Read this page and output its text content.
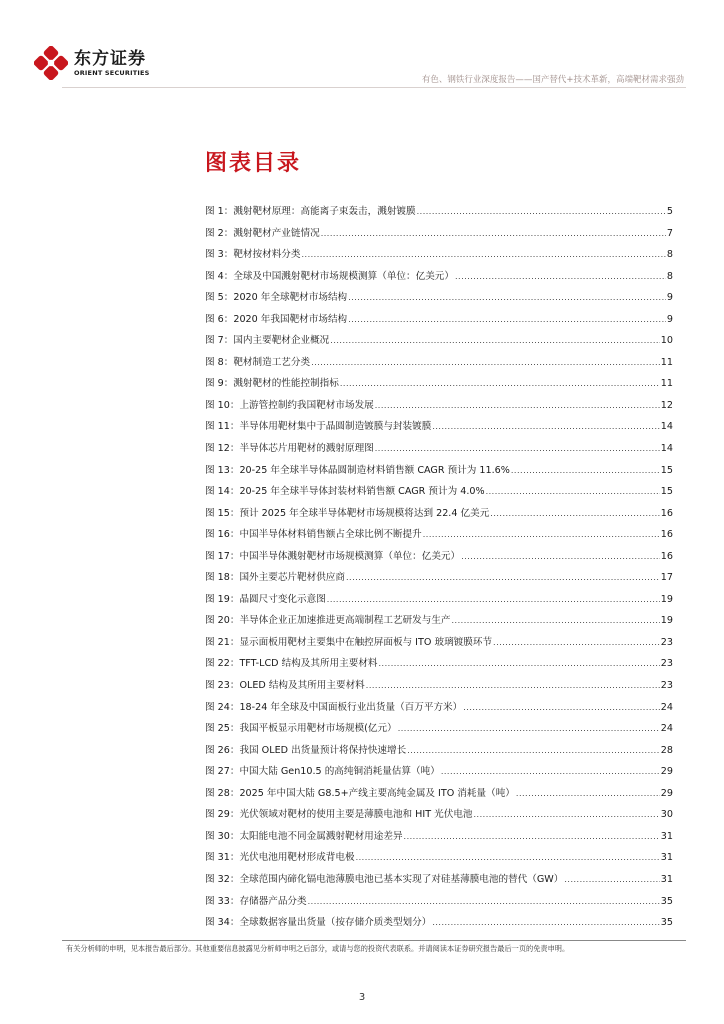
东方证券
ORIENT SECURITIES
有色、钢铁行业深度报告——国产替代+技术革新，高端靶材需求强劲
图表目录
图 1：溅射靶材原理：高能离子束轰击，溅射镀膜 .....	5
图 2：溅射靶材产业链情况 .....	7
图 3：靶材按材料分类 .....	8
图 4：全球及中国溅射靶材市场规模测算（单位：亿美元） .....	8
图 5：2020 年全球靶材市场结构 .....	9
图 6：2020 年我国靶材市场结构 .....	9
图 7：国内主要靶材企业概况 .....	10
图 8：靶材制造工艺分类 .....	11
图 9：溅射靶材的性能控制指标 .....	11
图 10：上游管控制约我国靶材市场发展 .....	12
图 11：半导体用靶材集中于晶圆制造镀膜与封装镀膜 .....	14
图 12：半导体芯片用靶材的溅射原理图 .....	14
图 13：20-25 年全球半导体晶圆制造材料销售额 CAGR 预计为 11.6% .....	15
图 14：20-25 年全球半导体封装材料销售额 CAGR 预计为 4.0% .....	15
图 15：预计 2025 年全球半导体靶材市场规模将达到 22.4 亿美元 .....	16
图 16：中国半导体材料销售额占全球比例不断提升 .....	16
图 17：中国半导体溅射靶材市场规模测算（单位：亿美元） .....	16
图 18：国外主要芯片靶材供应商 .....	17
图 19：晶圆尺寸变化示意图 .....	19
图 20：半导体企业正加速推进更高端制程工艺研发与生产 .....	19
图 21：显示面板用靶材主要集中在触控屏面板与 ITO 玻璃镀膜环节 .....	23
图 22：TFT-LCD 结构及其所用主要材料 .....	23
图 23：OLED 结构及其所用主要材料 .....	23
图 24：18-24 年全球及中国面板行业出货量（百万平方米） .....	24
图 25：我国平板显示用靶材市场规模(亿元） .....	24
图 26：我国 OLED 出货量预计将保持快速增长 .....	28
图 27：中国大陆 Gen10.5 的高纯铜消耗量估算（吨） .....	29
图 28：2025 年中国大陆 G8.5+产线主要高纯金属及 ITO 消耗量（吨） .....	29
图 29：光伏领域对靶材的使用主要是薄膜电池和 HIT 光伏电池 .....	30
图 30：太阳能电池不同金属溅射靶材用途差异 .....	31
图 31：光伏电池用靶材形成背电极 .....	31
图 32：全球范围内碲化镉电池薄膜电池已基本实现了对硅基薄膜电池的替代（GW） .....	31
图 33：存储器产品分类 .....	35
图 34：全球数据容量出货量（按存储介质类型划分） .....	35
有关分析师的申明，见本报告最后部分。其他重要信息披露见分析师申明之后部分，或请与您的投资代表联系。并请阅读本证券研究报告最后一页的免责申明。
3
